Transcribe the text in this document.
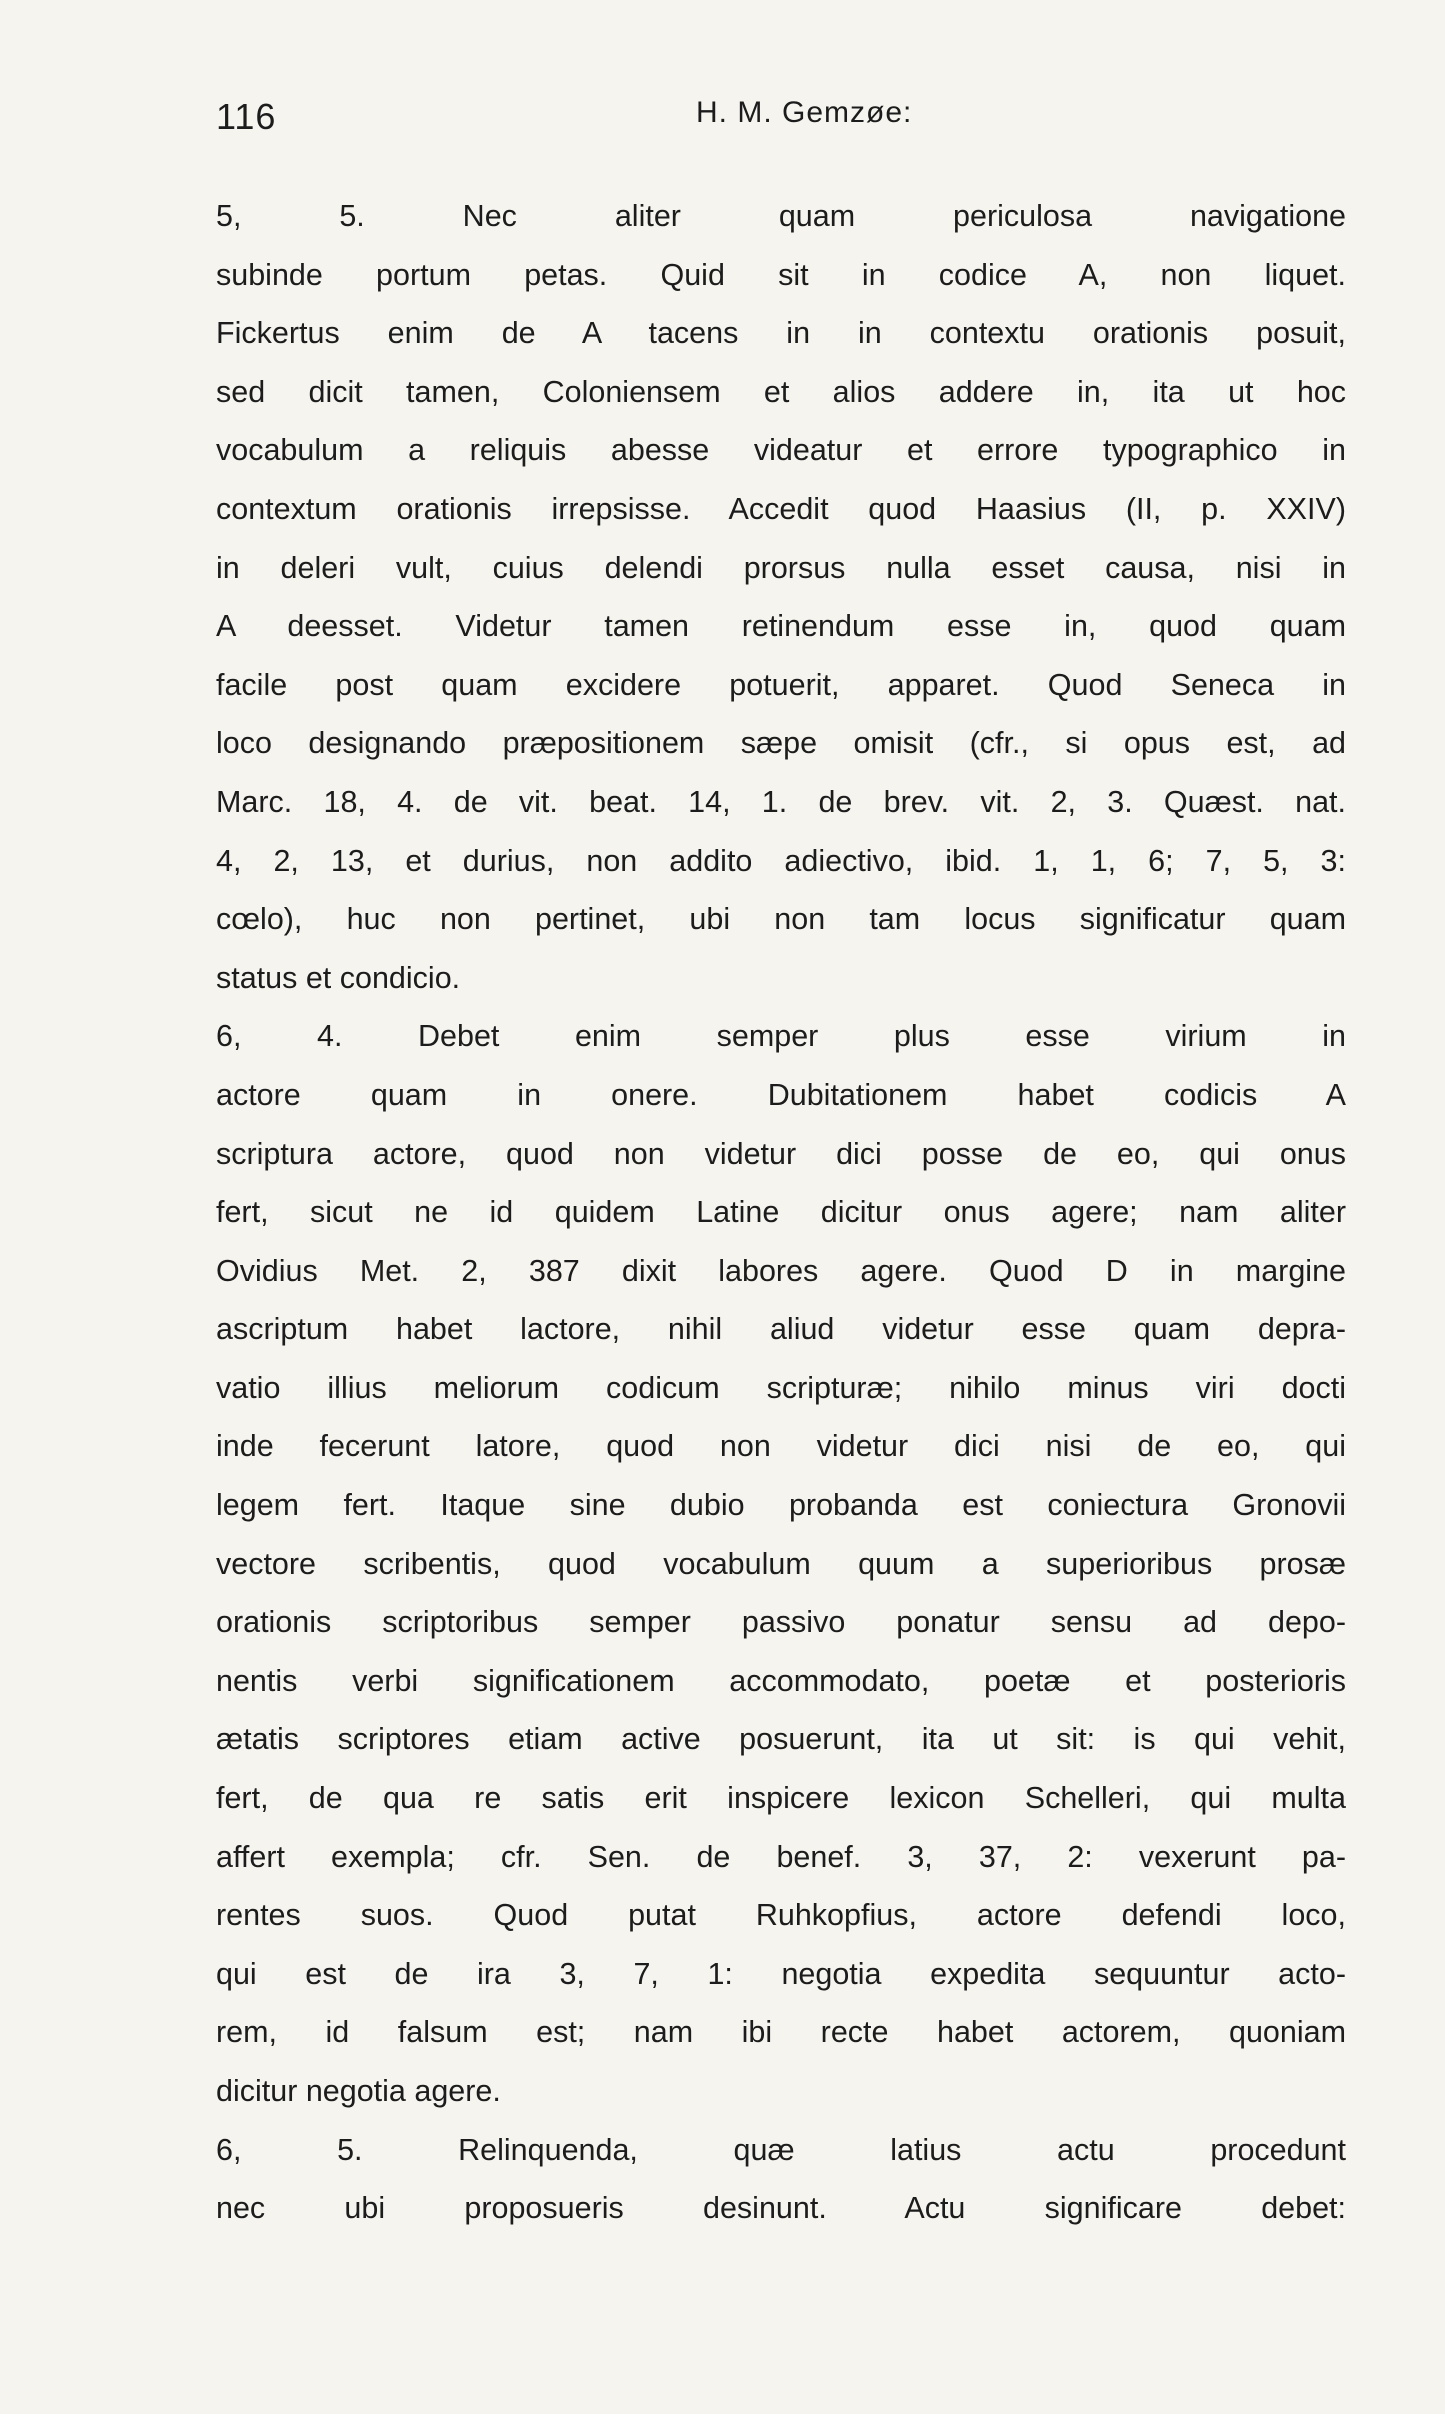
116	H. M. Gemzøe:
5, 5. Nec aliter quam periculosa navigatione
subinde portum petas. Quid sit in codice A, non liquet.
Fickertus enim de A tacens in in contextu orationis posuit,
sed dicit tamen, Coloniensem et alios addere in, ita ut hoc
vocabulum a reliquis abesse videatur et errore typographico in
contextum orationis irrepsisse. Accedit quod Haasius (II, p. XXIV)
in deleri vult, cuius delendi prorsus nulla esset causa, nisi in
A deesset. Videtur tamen retinendum esse in, quod quam
facile post quam excidere potuerit, apparet. Quod Seneca in
loco designando præpositionem sæpe omisit (cfr., si opus est, ad
Marc. 18, 4. de vit. beat. 14, 1. de brev. vit. 2, 3. Quæst. nat.
4, 2, 13, et durius, non addito adiectivo, ibid. 1, 1, 6; 7, 5, 3:
cœlo), huc non pertinet, ubi non tam locus significatur quam
status et condicio.
6, 4. Debet enim semper plus esse virium in
actore quam in onere. Dubitationem habet codicis A
scriptura actore, quod non videtur dici posse de eo, qui onus
fert, sicut ne id quidem Latine dicitur onus agere; nam aliter
Ovidius Met. 2, 387 dixit labores agere. Quod D in margine
ascriptum habet lactore, nihil aliud videtur esse quam depra-
vatio illius meliorum codicum scripturæ; nihilo minus viri docti
inde fecerunt latore, quod non videtur dici nisi de eo, qui
legem fert. Itaque sine dubio probanda est coniectura Gronovii
vectore scribentis, quod vocabulum quum a superioribus prosæ
orationis scriptoribus semper passivo ponatur sensu ad depo-
nentis verbi significationem accommodato, poetæ et posterioris
ætatis scriptores etiam active posuerunt, ita ut sit: is qui vehit,
fert, de qua re satis erit inspicere lexicon Schelleri, qui multa
affert exempla; cfr. Sen. de benef. 3, 37, 2: vexerunt pa-
rentes suos. Quod putat Ruhkopfius, actore defendi loco,
qui est de ira 3, 7, 1: negotia expedita sequuntur acto-
rem, id falsum est; nam ibi recte habet actorem, quoniam
dicitur negotia agere.
6, 5. Relinquenda, quæ latius actu procedunt
nec ubi proposueris desinunt. Actu significare debet:
